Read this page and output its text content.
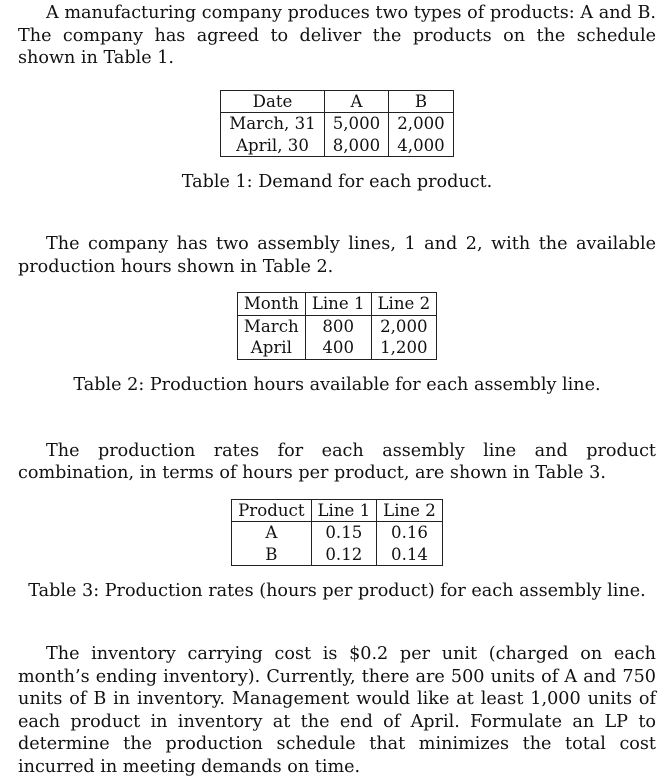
A manufacturing company produces two types of products: A and B. The company has agreed to deliver the products on the schedule shown in Table 1.

Date	A	B
March, 31	5,000	2,000
April, 30	8,000	4,000
Table 1: Demand for each product.

The company has two assembly lines, 1 and 2, with the available production hours shown in Table 2.

Month	Line 1	Line 2
March	800	2,000
April	400	1,200
Table 2: Production hours available for each assembly line.

The production rates for each assembly line and product combination, in terms of hours per product, are shown in Table 3.

Product	Line 1	Line 2
A	0.15	0.16
B	0.12	0.14
Table 3: Production rates (hours per product) for each assembly line.

The inventory carrying cost is $0.2 per unit (charged on each month’s ending inventory). Currently, there are 500 units of A and 750 units of B in inventory. Management would like at least 1,000 units of each product in inventory at the end of April. Formulate an LP to determine the production schedule that minimizes the total cost incurred in meeting demands on time.
